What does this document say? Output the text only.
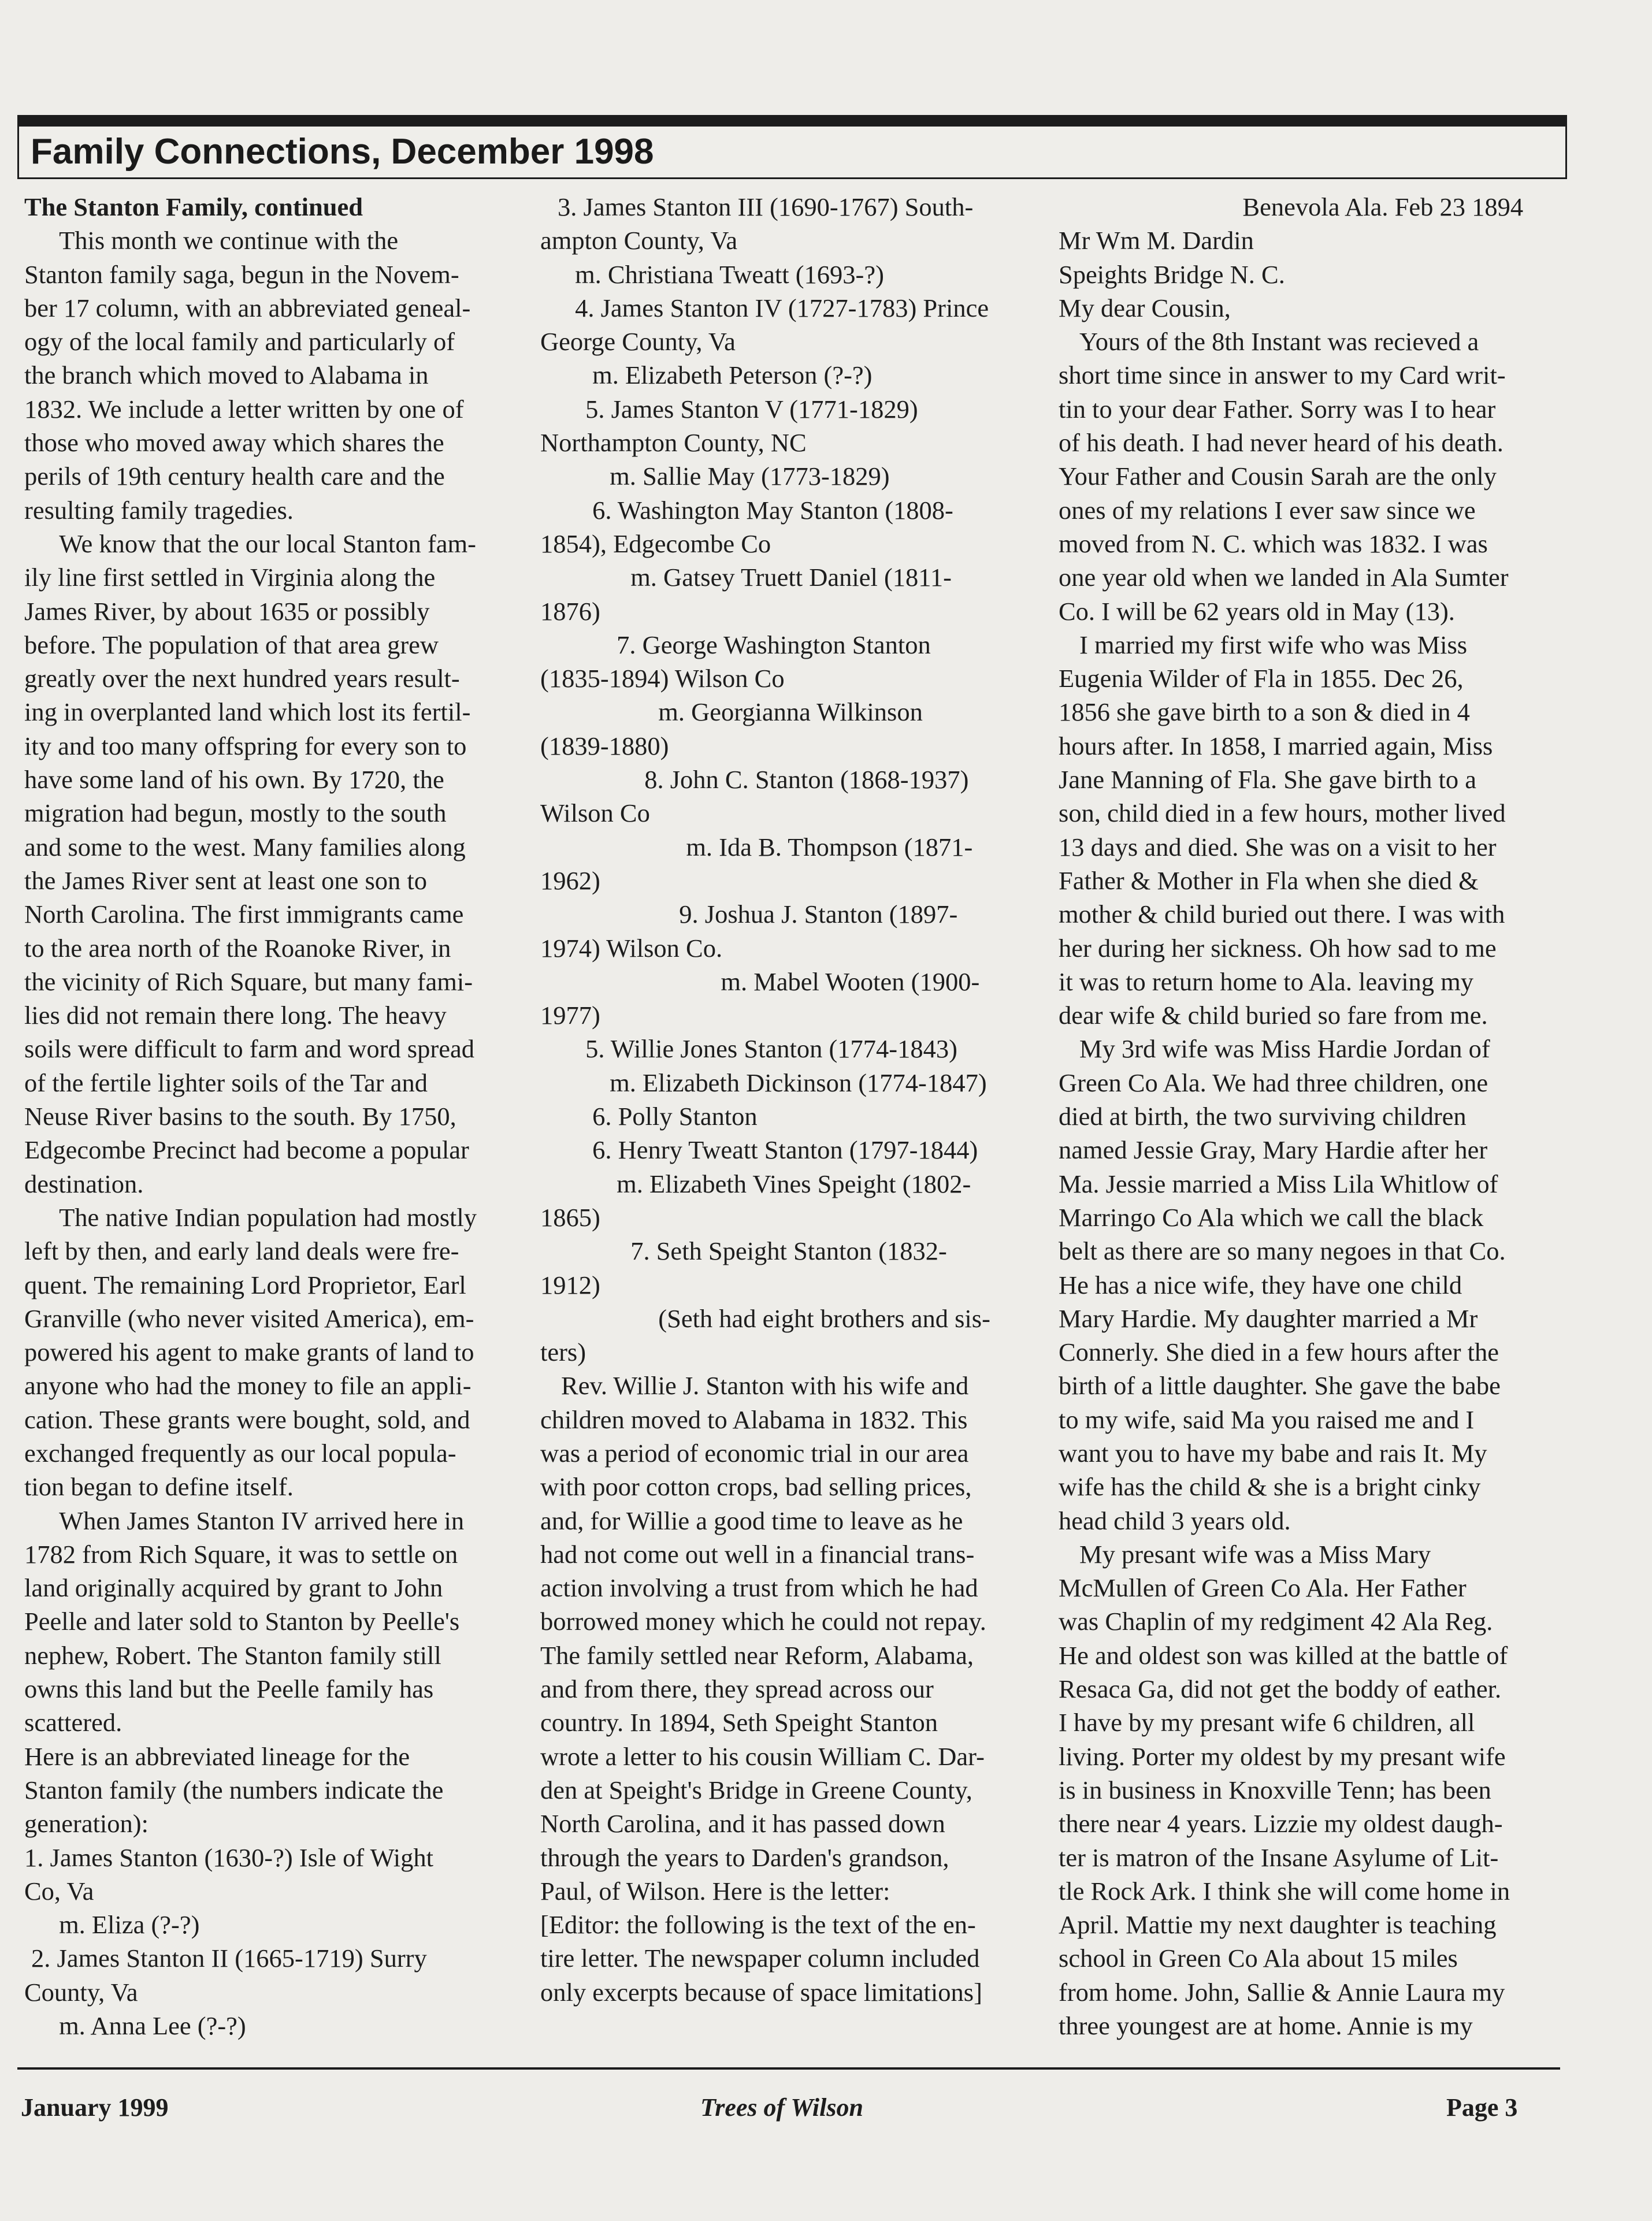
Family Connections, December 1998
The Stanton Family, continued
This month we continue with the
Stanton family saga, begun in the Novem-
ber 17 column, with an abbreviated geneal-
ogy of the local family and particularly of
the branch which moved to Alabama in
1832. We include a letter written by one of
those who moved away which shares the
perils of 19th century health care and the
resulting family tragedies.
We know that the our local Stanton fam-
ily line first settled in Virginia along the
James River, by about 1635 or possibly
before. The population of that area grew
greatly over the next hundred years result-
ing in overplanted land which lost its fertil-
ity and too many offspring for every son to
have some land of his own. By 1720, the
migration had begun, mostly to the south
and some to the west. Many families along
the James River sent at least one son to
North Carolina. The first immigrants came
to the area north of the Roanoke River, in
the vicinity of Rich Square, but many fami-
lies did not remain there long. The heavy
soils were difficult to farm and word spread
of the fertile lighter soils of the Tar and
Neuse River basins to the south. By 1750,
Edgecombe Precinct had become a popular
destination.
The native Indian population had mostly
left by then, and early land deals were fre-
quent. The remaining Lord Proprietor, Earl
Granville (who never visited America), em-
powered his agent to make grants of land to
anyone who had the money to file an appli-
cation. These grants were bought, sold, and
exchanged frequently as our local popula-
tion began to define itself.
When James Stanton IV arrived here in
1782 from Rich Square, it was to settle on
land originally acquired by grant to John
Peelle and later sold to Stanton by Peelle's
nephew, Robert. The Stanton family still
owns this land but the Peelle family has
scattered.
Here is an abbreviated lineage for the
Stanton family (the numbers indicate the
generation):
1. James Stanton (1630-?) Isle of Wight
Co, Va
m. Eliza (?-?)
2. James Stanton II (1665-1719) Surry
County, Va
m. Anna Lee (?-?)
3. James Stanton III (1690-1767) South-
ampton County, Va
m. Christiana Tweatt (1693-?)
4. James Stanton IV (1727-1783) Prince
George County, Va
m. Elizabeth Peterson (?-?)
5. James Stanton V (1771-1829)
Northampton County, NC
m. Sallie May (1773-1829)
6. Washington May Stanton (1808-
1854), Edgecombe Co
m. Gatsey Truett Daniel (1811-
1876)
7. George Washington Stanton
(1835-1894) Wilson Co
m. Georgianna Wilkinson
(1839-1880)
8. John C. Stanton (1868-1937)
Wilson Co
m. Ida B. Thompson (1871-
1962)
9. Joshua J. Stanton (1897-
1974) Wilson Co.
m. Mabel Wooten (1900-
1977)
5. Willie Jones Stanton (1774-1843)
m. Elizabeth Dickinson (1774-1847)
6. Polly Stanton
6. Henry Tweatt Stanton (1797-1844)
m. Elizabeth Vines Speight (1802-
1865)
7. Seth Speight Stanton (1832-
1912)
(Seth had eight brothers and sis-
ters)
Rev. Willie J. Stanton with his wife and
children moved to Alabama in 1832. This
was a period of economic trial in our area
with poor cotton crops, bad selling prices,
and, for Willie a good time to leave as he
had not come out well in a financial trans-
action involving a trust from which he had
borrowed money which he could not repay.
The family settled near Reform, Alabama,
and from there, they spread across our
country. In 1894, Seth Speight Stanton
wrote a letter to his cousin William C. Dar-
den at Speight's Bridge in Greene County,
North Carolina, and it has passed down
through the years to Darden's grandson,
Paul, of Wilson. Here is the letter:
[Editor: the following is the text of the en-
tire letter. The newspaper column included
only excerpts because of space limitations]
Benevola Ala. Feb 23 1894
Mr Wm M. Dardin
Speights Bridge N. C.
My dear Cousin,
Yours of the 8th Instant was recieved a
short time since in answer to my Card writ-
tin to your dear Father. Sorry was I to hear
of his death. I had never heard of his death.
Your Father and Cousin Sarah are the only
ones of my relations I ever saw since we
moved from N. C. which was 1832. I was
one year old when we landed in Ala Sumter
Co. I will be 62 years old in May (13).
I married my first wife who was Miss
Eugenia Wilder of Fla in 1855. Dec 26,
1856 she gave birth to a son & died in 4
hours after. In 1858, I married again, Miss
Jane Manning of Fla. She gave birth to a
son, child died in a few hours, mother lived
13 days and died. She was on a visit to her
Father & Mother in Fla when she died &
mother & child buried out there. I was with
her during her sickness. Oh how sad to me
it was to return home to Ala. leaving my
dear wife & child buried so fare from me.
My 3rd wife was Miss Hardie Jordan of
Green Co Ala. We had three children, one
died at birth, the two surviving children
named Jessie Gray, Mary Hardie after her
Ma. Jessie married a Miss Lila Whitlow of
Marringo Co Ala which we call the black
belt as there are so many negoes in that Co.
He has a nice wife, they have one child
Mary Hardie. My daughter married a Mr
Connerly. She died in a few hours after the
birth of a little daughter. She gave the babe
to my wife, said Ma you raised me and I
want you to have my babe and rais It. My
wife has the child & she is a bright cinky
head child 3 years old.
My presant wife was a Miss Mary
McMullen of Green Co Ala. Her Father
was Chaplin of my redgiment 42 Ala Reg.
He and oldest son was killed at the battle of
Resaca Ga, did not get the boddy of eather.
I have by my presant wife 6 children, all
living. Porter my oldest by my presant wife
is in business in Knoxville Tenn; has been
there near 4 years. Lizzie my oldest daugh-
ter is matron of the Insane Asylume of Lit-
tle Rock Ark. I think she will come home in
April. Mattie my next daughter is teaching
school in Green Co Ala about 15 miles
from home. John, Sallie & Annie Laura my
three youngest are at home. Annie is my
January 1999	Trees of Wilson	Page 3
